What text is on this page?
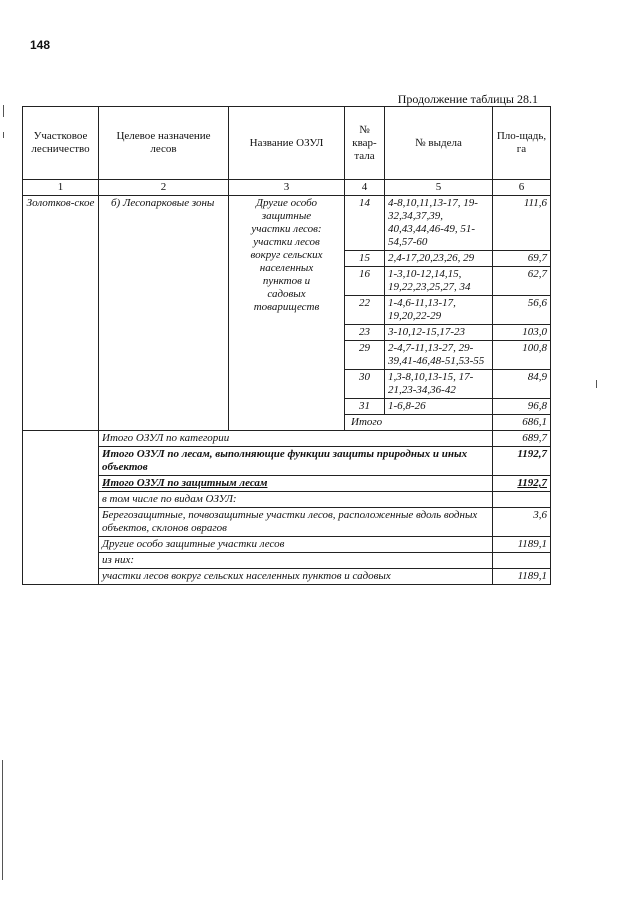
148
Продолжение таблицы 28.1
Участковое лесничество	Целевое назначение лесов	Название ОЗУЛ	№ квар-тала	№ выдела	Пло-щадь, га
1	2	3	4	5	6
Золотков-ское	б) Лесопарковые зоны	Другие особо защитные участки лесов: участки лесов вокруг сельских населенных пунктов и садовых товариществ	14	4-8,10,11,13-17, 19-32,34,37,39, 40,43,44,46-49, 51-54,57-60	111,6
			15	2,4-17,20,23,26, 29	69,7
			16	1-3,10-12,14,15, 19,22,23,25,27, 34	62,7
			22	1-4,6-11,13-17, 19,20,22-29	56,6
			23	3-10,12-15,17-23	103,0
			29	2-4,7-11,13-27, 29-39,41-46,48-51,53-55	100,8
			30	1,3-8,10,13-15, 17-21,23-34,36-42	84,9
			31	1-6,8-26	96,8
			Итого		686,1
	Итого ОЗУЛ по категории				689,7
	Итого ОЗУЛ по лесам, выполняющие функции защиты природных и иных объектов				1192,7
	Итого ОЗУЛ по защитным лесам				1192,7
	в том числе по видам ОЗУЛ:				
	Берегозащитные, почвозащитные участки лесов, расположенные вдоль водных объектов, склонов оврагов				3,6
	Другие особо защитные участки лесов				1189,1
	из них:				
	участки лесов вокруг сельских населенных пунктов и садовых				1189,1
